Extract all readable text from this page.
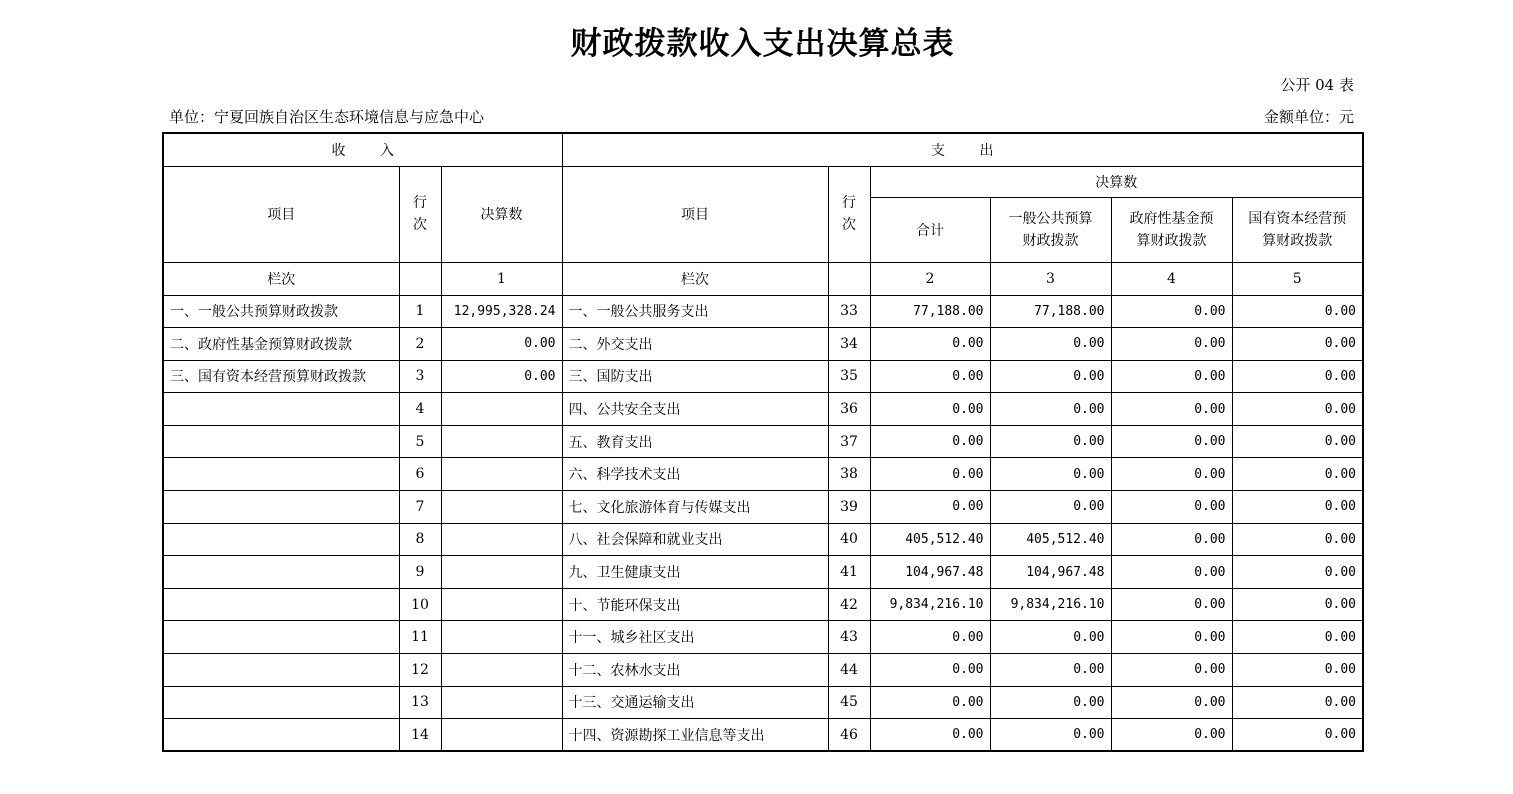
财政拨款收入支出决算总表
公开 04 表
单位：宁夏回族自治区生态环境信息与应急中心	金额单位：元
收 入			支 出					
项目	行次	决算数	项目	行次	决算数			
					合计	一般公共预算财政拨款	政府性基金预算财政拨款	国有资本经营预算财政拨款
栏次		1	栏次		2	3	4	5
一、一般公共预算财政拨款	1	12,995,328.24	一、一般公共服务支出	33	77,188.00	77,188.00	0.00	0.00
二、政府性基金预算财政拨款	2	0.00	二、外交支出	34	0.00	0.00	0.00	0.00
三、国有资本经营预算财政拨款	3	0.00	三、国防支出	35	0.00	0.00	0.00	0.00
	4		四、公共安全支出	36	0.00	0.00	0.00	0.00
	5		五、教育支出	37	0.00	0.00	0.00	0.00
	6		六、科学技术支出	38	0.00	0.00	0.00	0.00
	7		七、文化旅游体育与传媒支出	39	0.00	0.00	0.00	0.00
	8		八、社会保障和就业支出	40	405,512.40	405,512.40	0.00	0.00
	9		九、卫生健康支出	41	104,967.48	104,967.48	0.00	0.00
	10		十、节能环保支出	42	9,834,216.10	9,834,216.10	0.00	0.00
	11		十一、城乡社区支出	43	0.00	0.00	0.00	0.00
	12		十二、农林水支出	44	0.00	0.00	0.00	0.00
	13		十三、交通运输支出	45	0.00	0.00	0.00	0.00
	14		十四、资源勘探工业信息等支出	46	0.00	0.00	0.00	0.00
